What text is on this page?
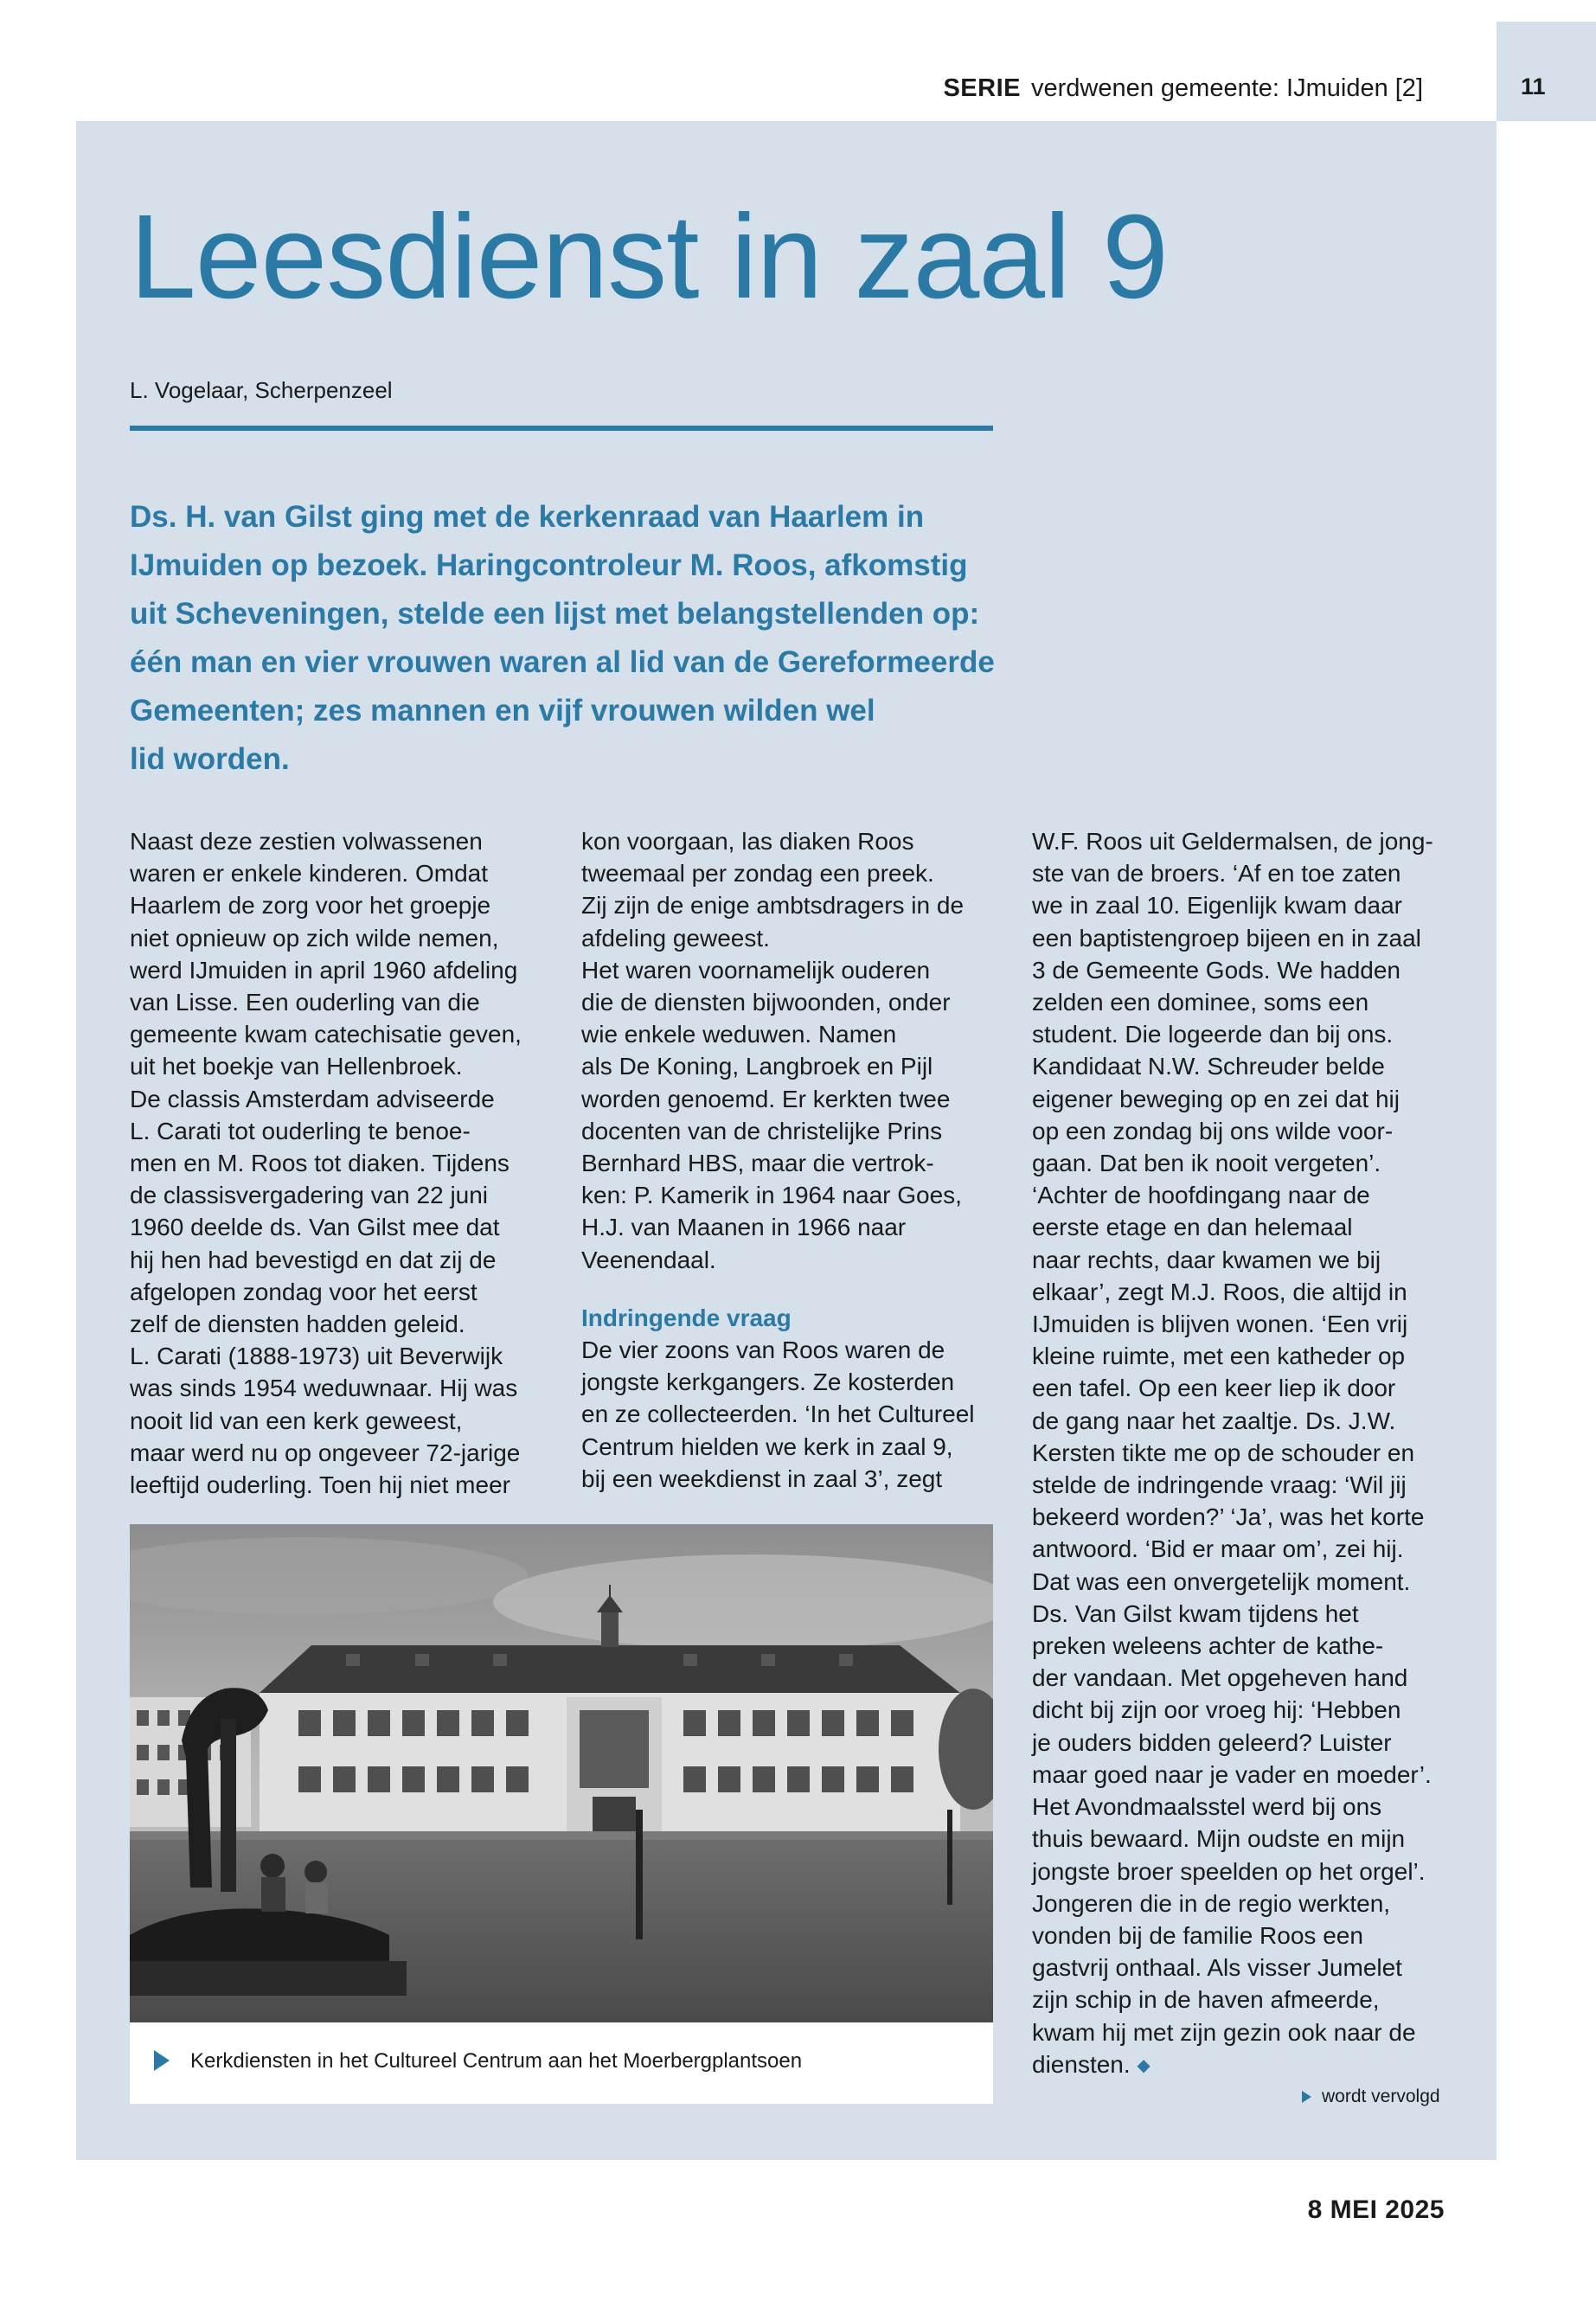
SERIE verdwenen gemeente: IJmuiden [2]	11
Leesdienst in zaal 9
L. Vogelaar, Scherpenzeel

Ds. H. van Gilst ging met de kerkenraad van Haarlem in
IJmuiden op bezoek. Haringcontroleur M. Roos, afkomstig
uit Scheveningen, stelde een lijst met belangstellenden op:
één man en vier vrouwen waren al lid van de Gereformeerde
Gemeenten; zes mannen en vijf vrouwen wilden wel
lid worden.

Naast deze zestien volwassenen
waren er enkele kinderen. Omdat
Haarlem de zorg voor het groepje
niet opnieuw op zich wilde nemen,
werd IJmuiden in april 1960 afdeling
van Lisse. Een ouderling van die
gemeente kwam catechisatie geven,
uit het boekje van Hellenbroek.
De classis Amsterdam adviseerde
L. Carati tot ouderling te benoe-
men en M. Roos tot diaken. Tijdens
de classisvergadering van 22 juni
1960 deelde ds. Van Gilst mee dat
hij hen had bevestigd en dat zij de
afgelopen zondag voor het eerst
zelf de diensten hadden geleid.
L. Carati (1888-1973) uit Beverwijk
was sinds 1954 weduwnaar. Hij was
nooit lid van een kerk geweest,
maar werd nu op ongeveer 72-jarige
leeftijd ouderling. Toen hij niet meer
kon voorgaan, las diaken Roos
tweemaal per zondag een preek.
Zij zijn de enige ambtsdragers in de
afdeling geweest.
Het waren voornamelijk ouderen
die de diensten bijwoonden, onder
wie enkele weduwen. Namen
als De Koning, Langbroek en Pijl
worden genoemd. Er kerkten twee
docenten van de christelijke Prins
Bernhard HBS, maar die vertrok-
ken: P. Kamerik in 1964 naar Goes,
H.J. van Maanen in 1966 naar
Veenendaal.
Indringende vraag
De vier zoons van Roos waren de
jongste kerkgangers. Ze kosterden
en ze collecteerden. ‘In het Cultureel
Centrum hielden we kerk in zaal 9,
bij een weekdienst in zaal 3’, zegt
W.F. Roos uit Geldermalsen, de jong-
ste van de broers. ‘Af en toe zaten
we in zaal 10. Eigenlijk kwam daar
een baptistengroep bijeen en in zaal
3 de Gemeente Gods. We hadden
zelden een dominee, soms een
student. Die logeerde dan bij ons.
Kandidaat N.W. Schreuder belde
eigener beweging op en zei dat hij
op een zondag bij ons wilde voor-
gaan. Dat ben ik nooit vergeten’.
‘Achter de hoofdingang naar de
eerste etage en dan helemaal
naar rechts, daar kwamen we bij
elkaar’, zegt M.J. Roos, die altijd in
IJmuiden is blijven wonen. ‘Een vrij
kleine ruimte, met een katheder op
een tafel. Op een keer liep ik door
de gang naar het zaaltje. Ds. J.W.
Kersten tikte me op de schouder en
stelde de indringende vraag: ‘Wil jij
bekeerd worden?’ ‘Ja’, was het korte
antwoord. ‘Bid er maar om’, zei hij.
Dat was een onvergetelijk moment.
Ds. Van Gilst kwam tijdens het
preken weleens achter de kathe-
der vandaan. Met opgeheven hand
dicht bij zijn oor vroeg hij: ‘Hebben
je ouders bidden geleerd? Luister
maar goed naar je vader en moeder’.
Het Avondmaalsstel werd bij ons
thuis bewaard. Mijn oudste en mijn
jongste broer speelden op het orgel’.
Jongeren die in de regio werkten,
vonden bij de familie Roos een
gastvrij onthaal. Als visser Jumelet
zijn schip in de haven afmeerde,
kwam hij met zijn gezin ook naar de
diensten. ◆
Kerkdiensten in het Cultureel Centrum aan het Moerbergplantsoen
wordt vervolgd
8 MEI 2025
